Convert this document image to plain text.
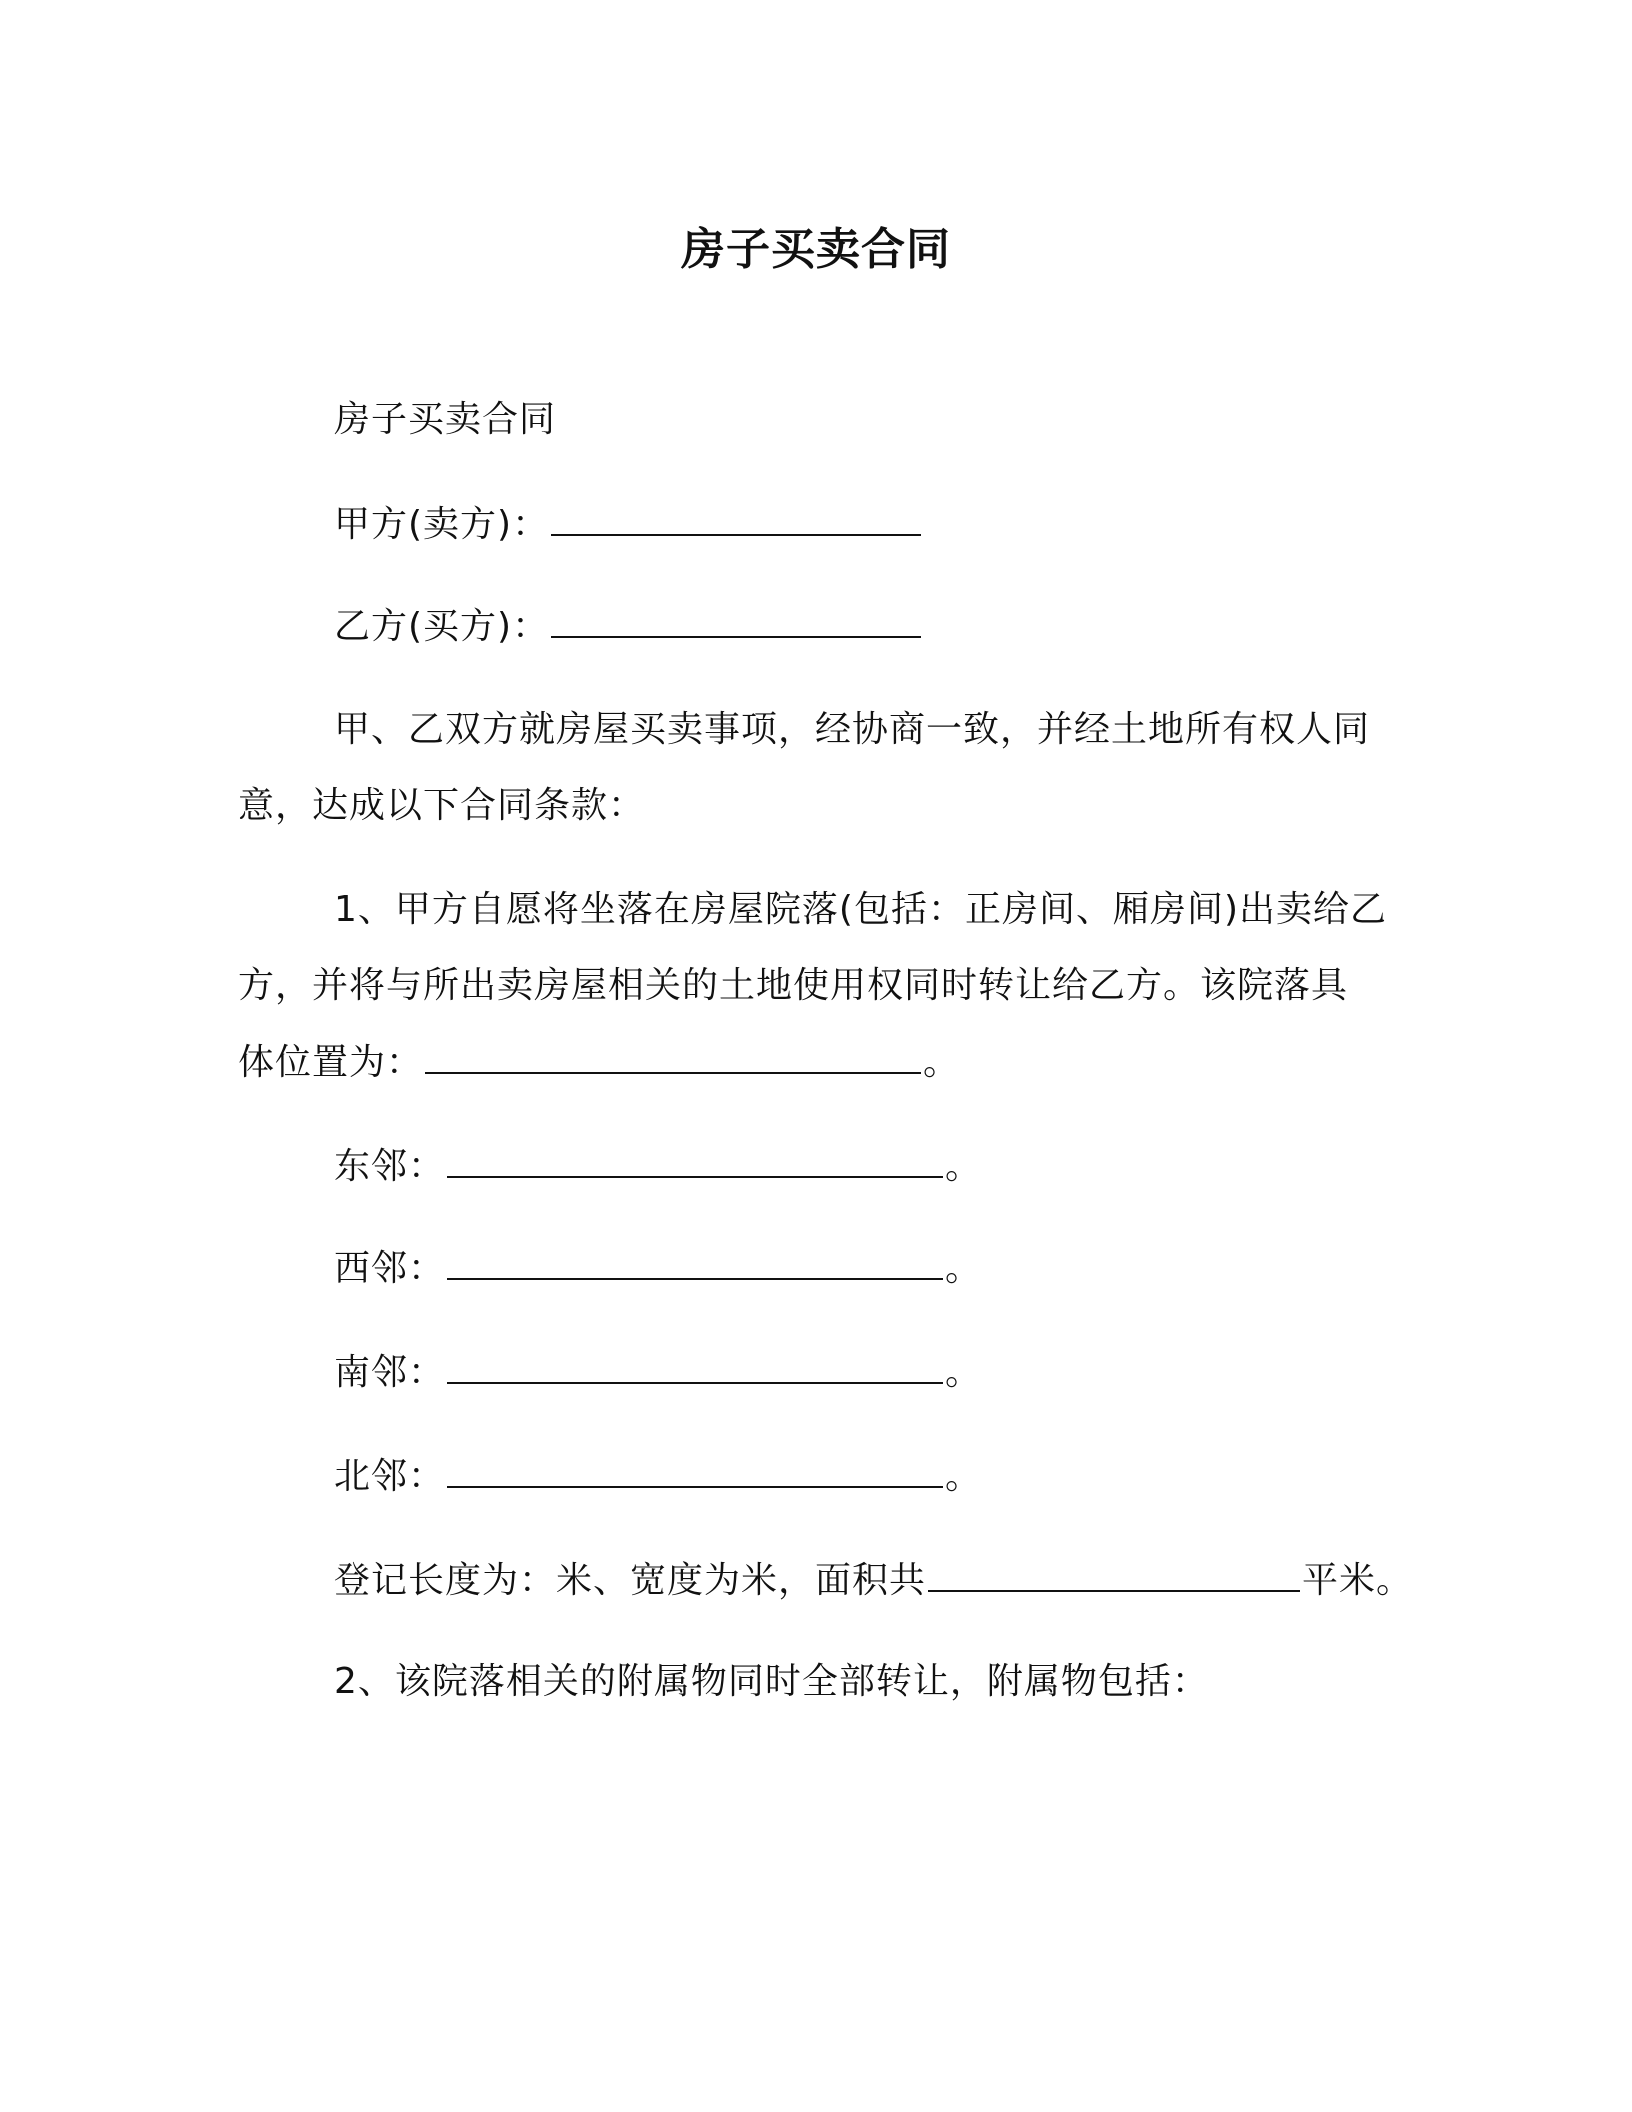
房子买卖合同
房子买卖合同
甲方(卖方)：
乙方(买方)：
甲、乙双方就房屋买卖事项，经协商一致，并经土地所有权人同
意，达成以下合同条款：
1、甲方自愿将坐落在房屋院落(包括：正房间、厢房间)出卖给乙
方，并将与所出卖房屋相关的土地使用权同时转让给乙方。该院落具
体位置为：	。
东邻：	。
西邻：	。
南邻：	。
北邻：	。
登记长度为：米、宽度为米，面积共	平米。
2、该院落相关的附属物同时全部转让，附属物包括：
